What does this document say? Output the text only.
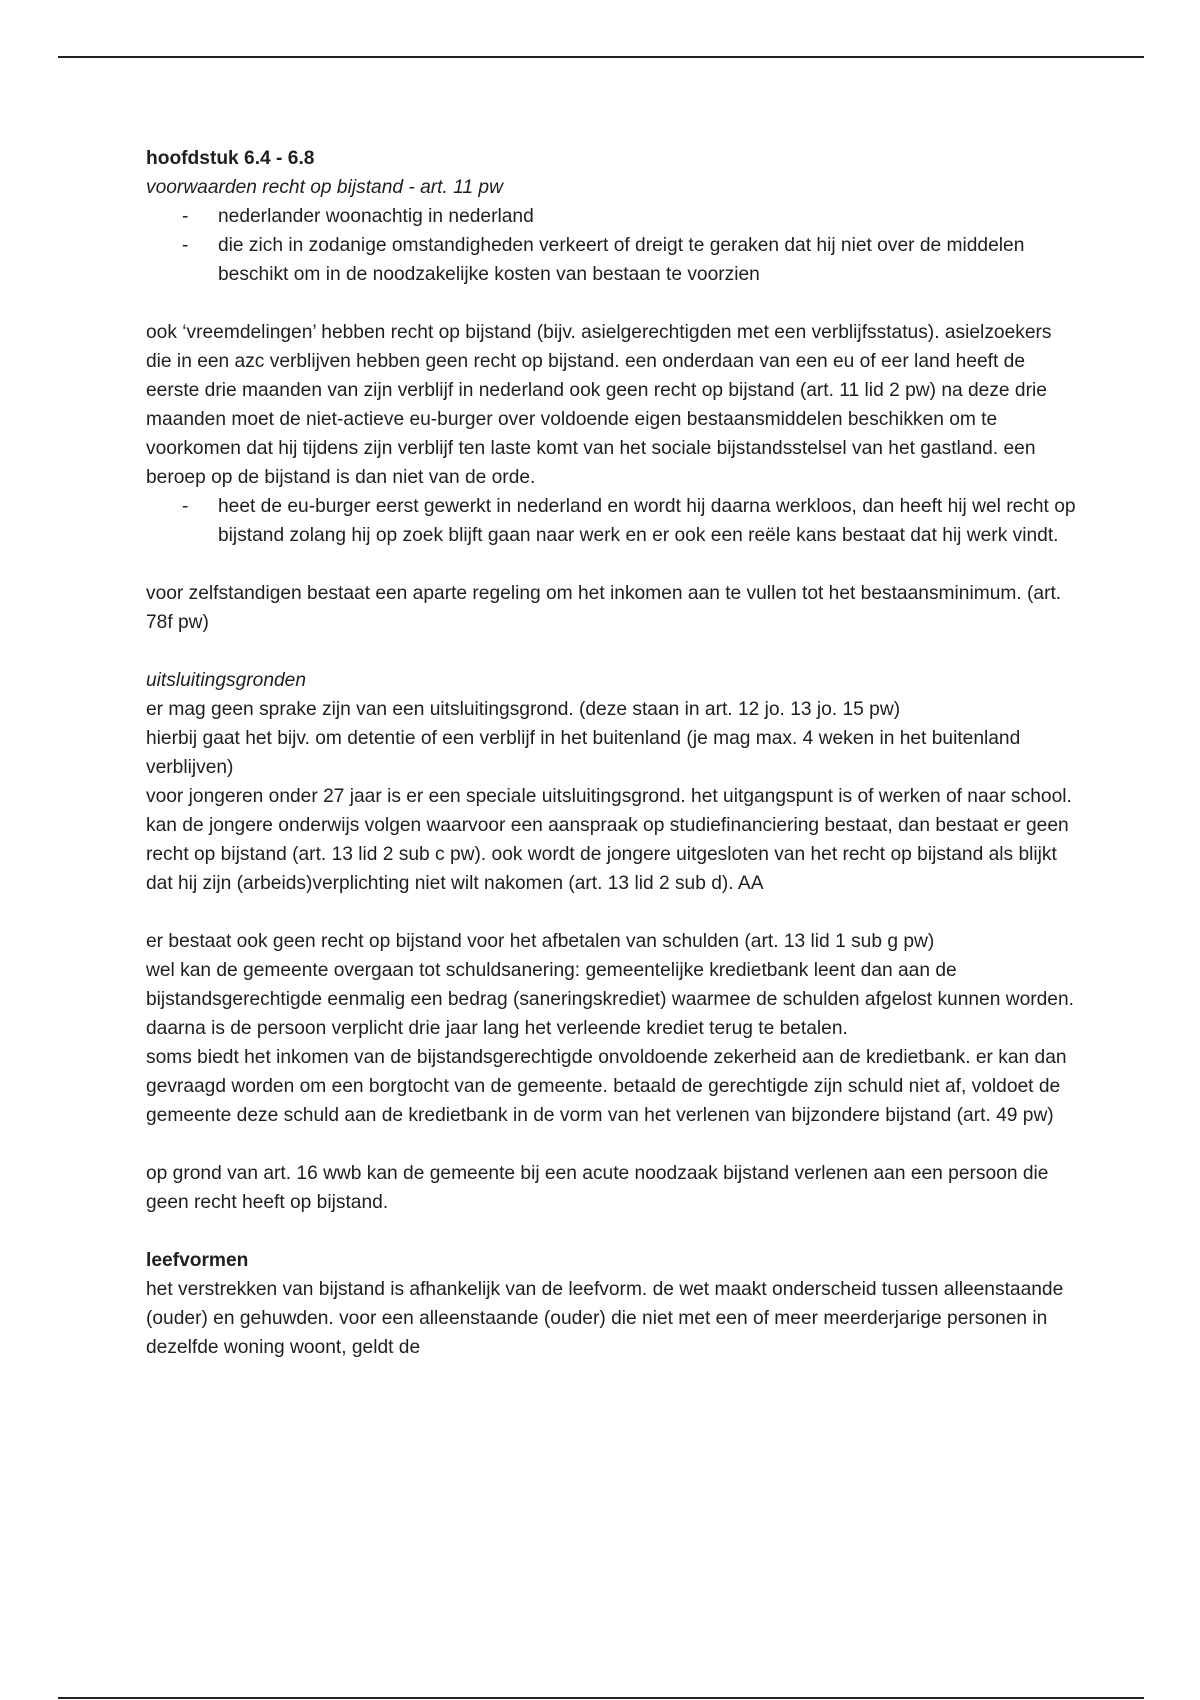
hoofdstuk 6.4 - 6.8

voorwaarden recht op bijstand - art. 11 pw

- nederlander woonachtig in nederland
- die zich in zodanige omstandigheden verkeert of dreigt te geraken dat hij niet over de middelen beschikt om in de noodzakelijke kosten van bestaan te voorzien

ook ‘vreemdelingen’ hebben recht op bijstand (bijv. asielgerechtigden met een verblijfsstatus). asielzoekers die in een azc verblijven hebben geen recht op bijstand. een onderdaan van een eu of eer land heeft de eerste drie maanden van zijn verblijf in nederland ook geen recht op bijstand (art. 11 lid 2 pw) na deze drie maanden moet de niet-actieve eu-burger over voldoende eigen bestaansmiddelen beschikken om te voorkomen dat hij tijdens zijn verblijf ten laste komt van het sociale bijstandsstelsel van het gastland. een beroep op de bijstand is dan niet van de orde.

- heet de eu-burger eerst gewerkt in nederland en wordt hij daarna werkloos, dan heeft hij wel recht op bijstand zolang hij op zoek blijft gaan naar werk en er ook een reële kans bestaat dat hij werk vindt.

voor zelfstandigen bestaat een aparte regeling om het inkomen aan te vullen tot het bestaansminimum. (art. 78f pw)

uitsluitingsgronden

er mag geen sprake zijn van een uitsluitingsgrond. (deze staan in art. 12 jo. 13 jo. 15 pw)

hierbij gaat het bijv. om detentie of een verblijf in het buitenland (je mag max. 4 weken in het buitenland verblijven)

voor jongeren onder 27 jaar is er een speciale uitsluitingsgrond. het uitgangspunt is of werken of naar school. kan de jongere onderwijs volgen waarvoor een aanspraak op studiefinanciering bestaat, dan bestaat er geen recht op bijstand (art. 13 lid 2 sub c pw). ook wordt de jongere uitgesloten van het recht op bijstand als blijkt dat hij zijn (arbeids)verplichting niet wilt nakomen (art. 13 lid 2 sub d). AA

er bestaat ook geen recht op bijstand voor het afbetalen van schulden (art. 13 lid 1 sub g pw)

wel kan de gemeente overgaan tot schuldsanering: gemeentelijke kredietbank leent dan aan de bijstandsgerechtigde eenmalig een bedrag (saneringskrediet) waarmee de schulden afgelost kunnen worden. daarna is de persoon verplicht drie jaar lang het verleende krediet terug te betalen.

soms biedt het inkomen van de bijstandsgerechtigde onvoldoende zekerheid aan de kredietbank. er kan dan gevraagd worden om een borgtocht van de gemeente. betaald de gerechtigde zijn schuld niet af, voldoet de gemeente deze schuld aan de kredietbank in de vorm van het verlenen van bijzondere bijstand (art. 49 pw)

op grond van art. 16 wwb kan de gemeente bij een acute noodzaak bijstand verlenen aan een persoon die geen recht heeft op bijstand.

leefvormen

het verstrekken van bijstand is afhankelijk van de leefvorm. de wet maakt onderscheid tussen alleenstaande (ouder) en gehuwden. voor een alleenstaande (ouder) die niet met een of meer meerderjarige personen in dezelfde woning woont, geldt de
